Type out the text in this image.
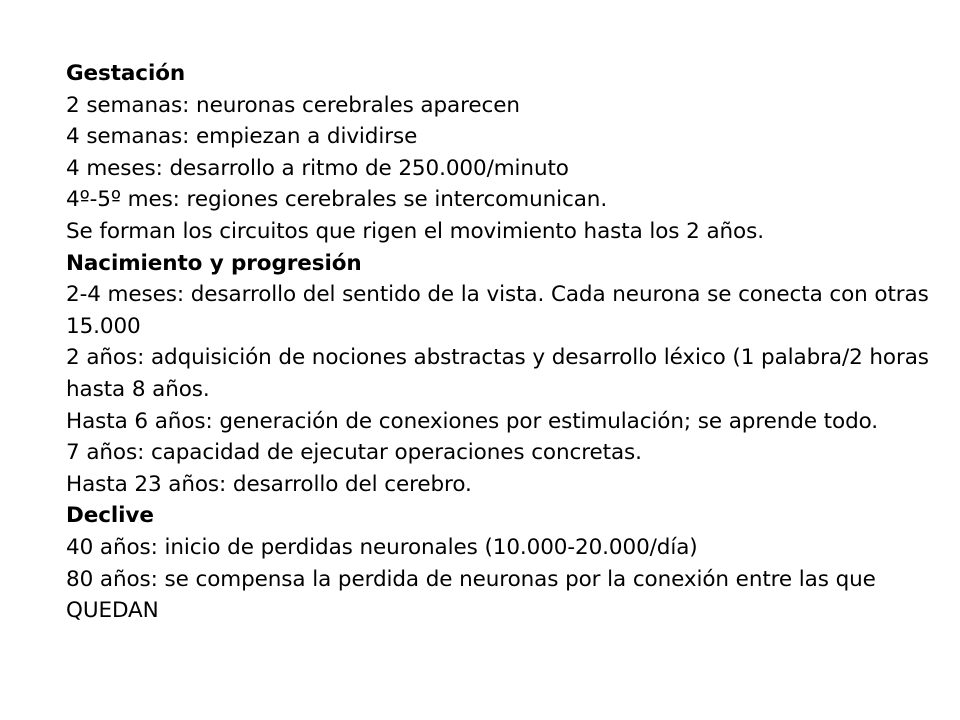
Gestación
2 semanas: neuronas cerebrales aparecen
4 semanas: empiezan a dividirse
4 meses: desarrollo a ritmo de 250.000/minuto
4º-5º mes: regiones cerebrales se intercomunican.
Se forman los circuitos que rigen el movimiento hasta los 2 años.
Nacimiento y progresión
2-4 meses: desarrollo del sentido de la vista. Cada neurona se conecta con otras 15.000
2 años: adquisición de nociones abstractas y desarrollo léxico (1 palabra/2 horas hasta 8 años.
Hasta 6 años: generación de conexiones por estimulación; se aprende todo.
7 años: capacidad de ejecutar operaciones concretas.
Hasta 23 años: desarrollo del cerebro.
Declive
40 años: inicio de perdidas neuronales (10.000-20.000/día)
80 años: se compensa la perdida de neuronas por la conexión entre las que QUEDAN
